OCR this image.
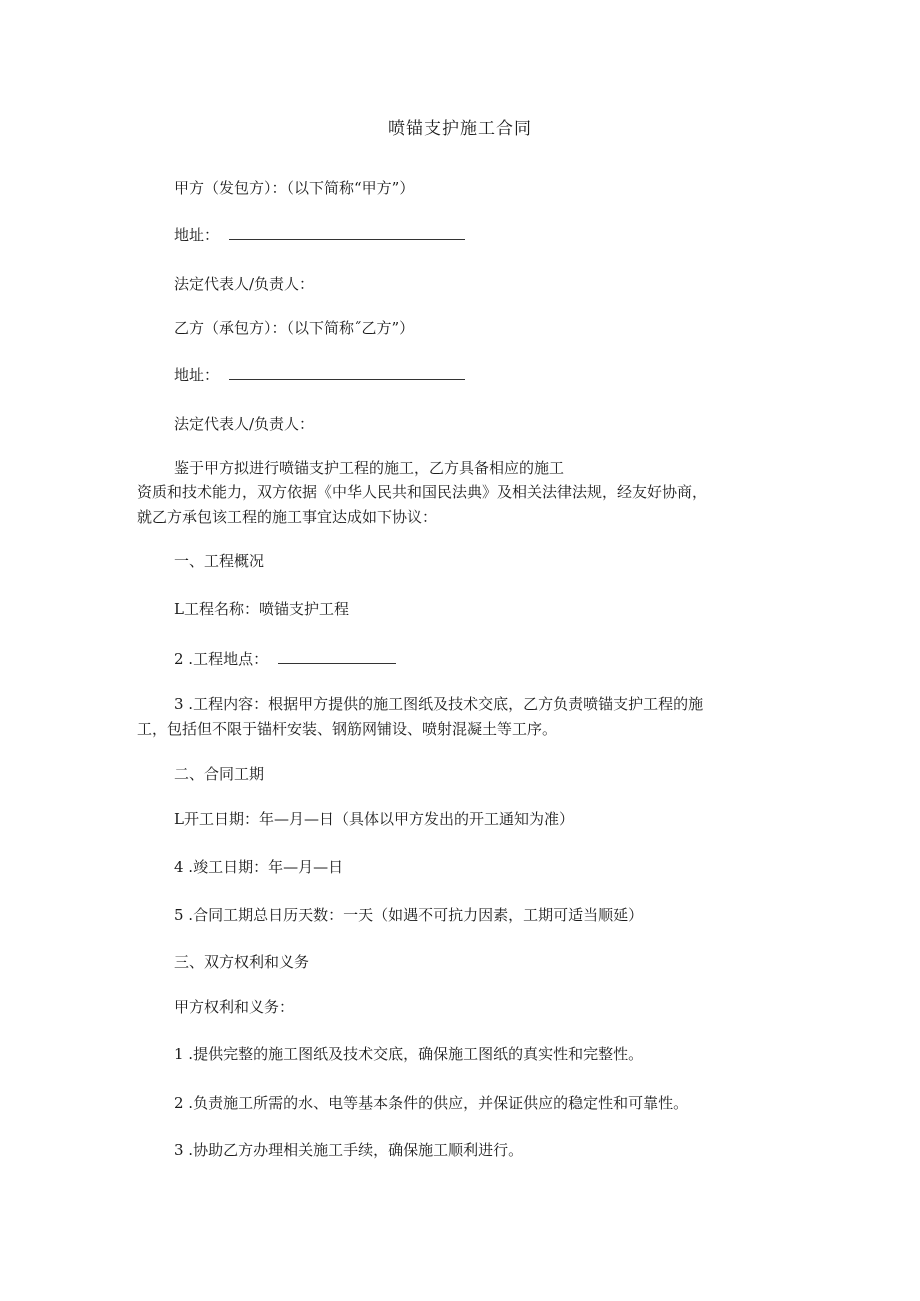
喷锚支护施工合同
甲方（发包方）：（以下简称“甲方”）
地址：
法定代表人/负责人：
乙方（承包方）：（以下简称˝乙方”）
地址：
法定代表人/负责人：
鉴于甲方拟进行喷锚支护工程的施工，乙方具备相应的施工
资质和技术能力，双方依据《中华人民共和国民法典》及相关法律法规，经友好协商，
就乙方承包该工程的施工事宜达成如下协议：
一、工程概况
L工程名称：喷锚支护工程
2 .工程地点：
3 .工程内容：根据甲方提供的施工图纸及技术交底，乙方负责喷锚支护工程的施
工，包括但不限于锚杆安装、钢筋网铺设、喷射混凝土等工序。
二、合同工期
L开工日期：年—月—日（具体以甲方发出的开工通知为准）
4 .竣工日期：年—月—日
5 .合同工期总日历天数：一天（如遇不可抗力因素，工期可适当顺延）
三、双方权利和义务
甲方权利和义务：
1 .提供完整的施工图纸及技术交底，确保施工图纸的真实性和完整性。
2 .负责施工所需的水、电等基本条件的供应，并保证供应的稳定性和可靠性。
3 .协助乙方办理相关施工手续，确保施工顺利进行。
